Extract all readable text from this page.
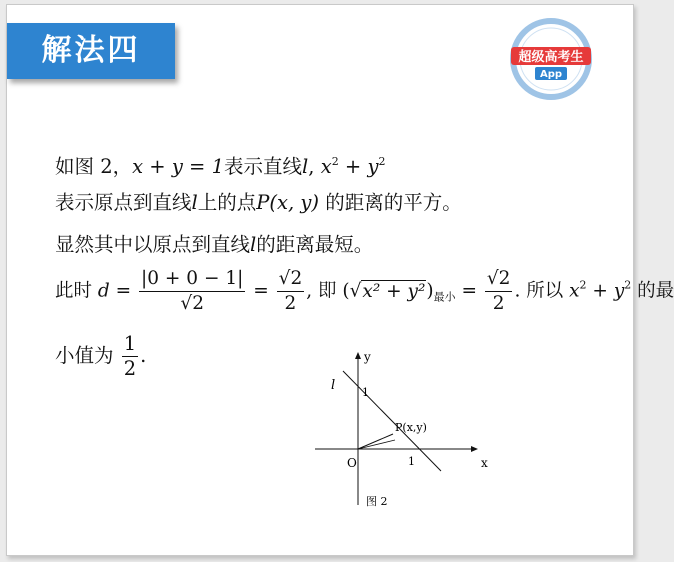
解法四	超级高考生
App
如图 2，x + y = 1表示直线l, $x^2 + y^2$
表示原点到直线l上的点P(x, y) 的距离的平方。
显然其中以原点到直线l的距离最短。
此时 $d = \frac{|0 + 0 - 1|}{√2} = \frac{√2}{2}$ , 即 $(√x^2 + y^2)_{最小} = \frac{√2}{2}$ . 所以 $x^2 + y^2$ 的最
小值为 $\frac{1}{2}$ .
x
y
O
l 1
1
P(x,y)
图 2
